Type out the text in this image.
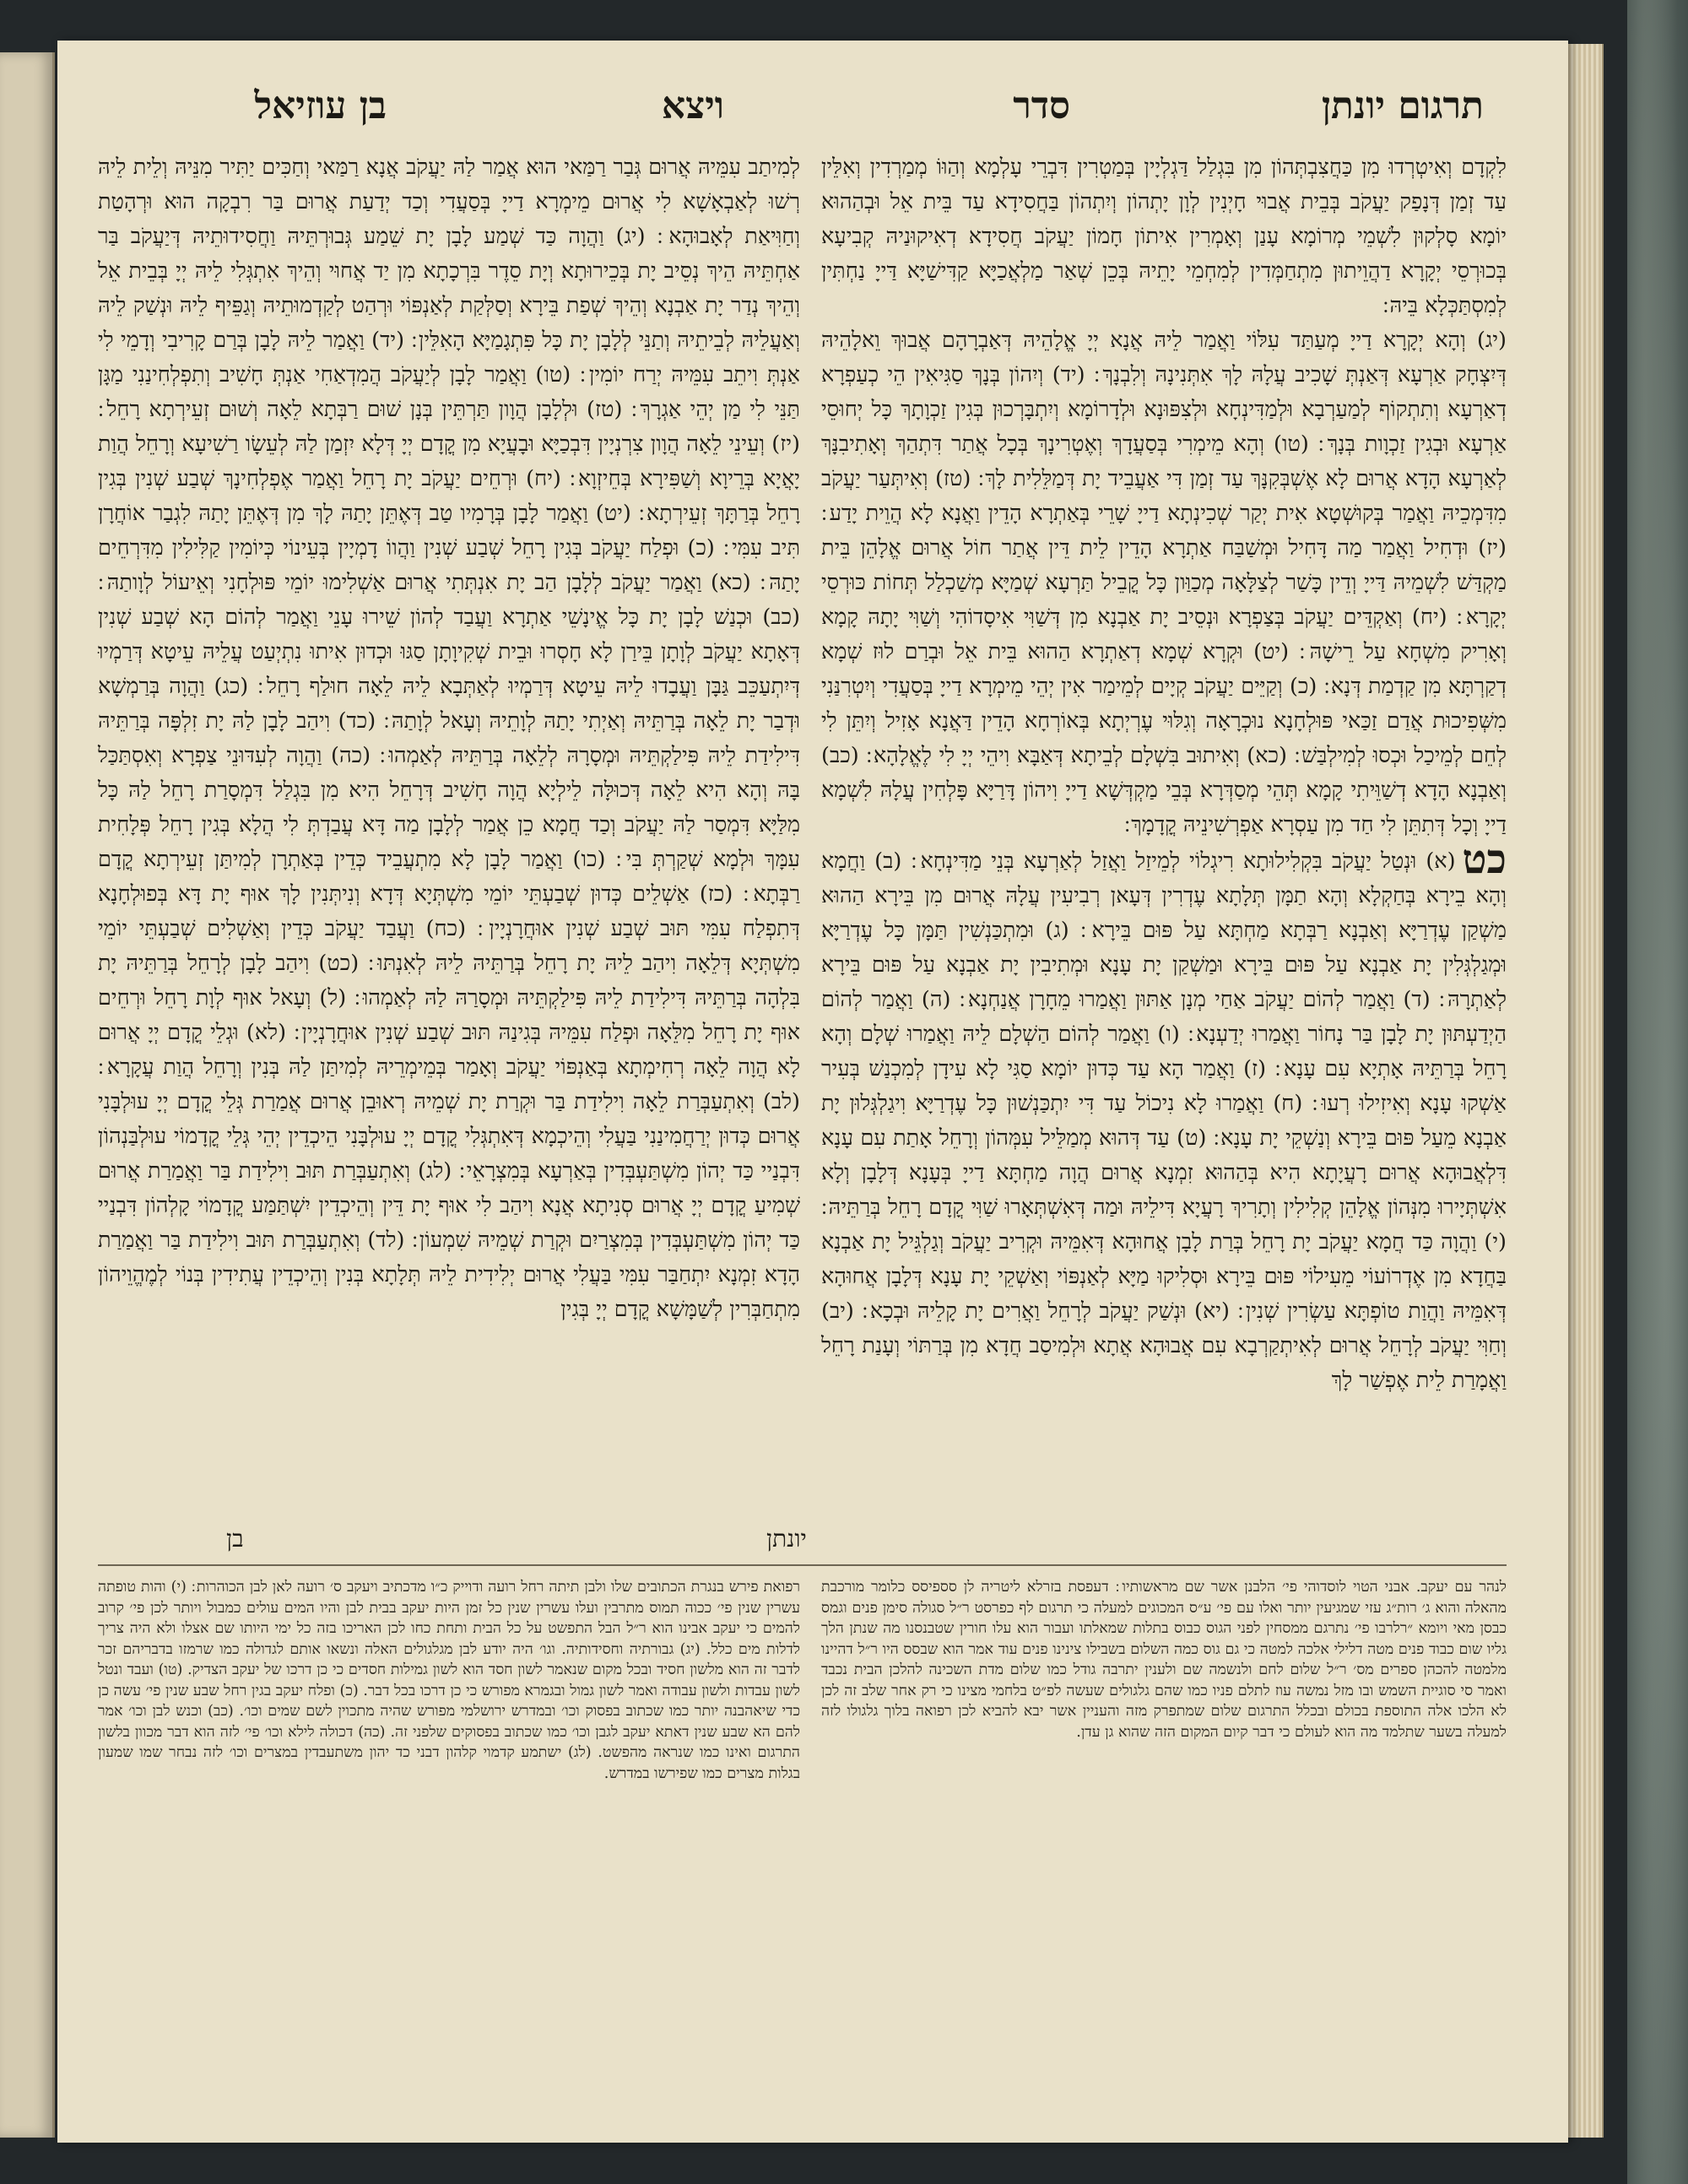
תרגום יונתן
סדר
ויצא
בן עוזיאל

לִקְדָם וְאִיטְרְדוּ מִן כַּחֲצִבְתְּהוֹן מִן בִּגְלַל דַּגְלְיָין בְּמַטְרִין דִּבְרֵי עָלְמָא וְהַוּוֹ מְמַרְדִין וְאִלֵּין עַד זְמַן דְּנָפַק יַעֲקֹב בְּבֵית אֲבוּי חָיְנִין לְוָן יָתְהוֹן וְיִתְהוֹן בַּחֲסִידָא עַד בֵּית אֵל וּבְהַהוּא יוֹמָא סָלְקוּן לִשְׁמֵי מְרוֹמָא עָנַן וְאָמְרִין אִיתוֹן חָמוֹן יַעֲקֹב חֲסִידָא דְאִיקוּנַיהּ קְבִיעָא בְּכוּרְסֵי יְקָרָא דַהֲוֵיתוּן מִתְחַמְּדִין לְמִחְמֵי יָתֵיהּ בְּכֵן שְׁאַר מַלְאֲכַיָּא קַדִּישַׁיָּא דַּייָ נַחְתִּין לְמִסְתַּכְּלָא בֵּיהּ ׃

(יג) וְהָא יְקָרָא דַייָ מְעַתַּד עִלּוֹי וַאֲמַר לֵיהּ אֲנָא יְיָ אֱלָהֵיהּ דְּאַבְרָהָם אֲבוּךְ וֵאלָהֵיהּ דְּיִצְחָק אַרְעָא דְּאַנְתְּ שָׁכִיב עֲלָהּ לָךְ אִתְּנִינָהּ וְלִבְנָךְ ׃ (יד) וְיִהוֹן בְּנָךְ סַגִּיאִין הֵי כְעַפְרָא דְאַרְעָא וְתִתְקוֹף לְמַעַרְבָא וּלְמַדִּינְחָא וּלְצִפּוּנָא וּלְדָרוֹמָא וְיִתְבָּרְכוּן בְּגִין זַכְוָתָךְ כָּל יְחוּסֵי אַרְעָא וּבְגִין זַכְוָות בְּנָךְ ׃ (טו) וְהָא מֵימְרִי בְּסַעֲדָךְ וְאֶטְרִינָךְ בְּכָל אֲתַר דִּתְהַךְ וְאָתִיבִנָּךְ לְאַרְעָא הָדָא אֲרוּם לָא אֶשְׁבְּקִנָּךְ עַד זְמַן דִּי אַעֲבֵיד יָת דְּמַלֵּלִית לָךְ ׃ (טז) וְאִיתְּעַר יַעֲקֹב מִדִּמְכֵיהּ וַאֲמַר בְּקוּשְׁטָא אִית יְקַר שְׁכִינְתָא דַייָ שָׁרֵי בְּאַתְרָא הָדֵין וַאֲנָא לָא הֲוֵית יָדַע ׃ (יז) וּדְחִיל וַאֲמַר מַה דָּחִיל וּמְשַׁבַּח אַתְרָא הָדֵין לֵית דֵּין אֲתַר חוֹל אֲרוּם אֱלָהֵן בֵּית מַקְדַּשׁ לִשְׁמֵיהּ דַּייָ וְדֵין כָּשַׁר לְצַלָּאָה מְכַוַּון כָּל קֳבֵיל תַּרְעָא שְׁמַיָּא מְשַׁכְלַל תְּחוֹת כּוּרְסֵי יְקָרָא ׃ (יח) וְאַקְדֵּים יַעֲקֹב בְּצַפְרָא וּנְסֵיב יָת אַבְנָא מִן דְּשַׁוִּי אִיסָדוֹהִי וְשַׁוִּי יָתָהּ קָמָא וְאָרִיק מִשְׁחָא עַל רֵישָׁהּ ׃ (יט) וּקְרָא שְׁמָא דְאַתְרָא הַהוּא בֵּית אֵל וּבְרַם לוּז שְׁמָא דְקַרְתָּא מִן קַדְמַת דְּנָא ׃ (כ) וְקַיֵּים יַעֲקֹב קְיָים לְמֵימַר אִין יְהֵי מֵימְרָא דַייָ בְּסַעֲדִי וְיִטְרִנַּנִי מִשְּׁפִיכוּת אֲדַם זַכַּאי פּוּלְחָנָא נוּכְרָאָה וְגִלּוּי עֶרְיְתָא בְּאוֹרְחָא הָדֵין דַּאֲנָא אָזִיל וְיִתֵּן לִי לְחֵם לְמֵיכַל וּכְסוּ לְמִילְבַּשׁ ׃ (כא) וְאִיתוּב בִּשְׁלָם לְבֵיתָא דְּאַבָּא וִיהֵי יְיָ לִי לֶאֱלָהָא ׃ (כב) וְאַבְנָא הָדָא דְשַׁוֵּיתִי קָמָא תְּהֵי מְסַדְּרָא בְּבֵי מַקְדְּשָׁא דַייָ וִיהוֹן דָּרַיָּא פָּלְחִין עֲלָהּ לִשְׁמָא דַייָ וְכָל דְּתִתֵּן לִי חַד מִן עַסְרָא אַפְרְשִׁינֵיהּ קֳדָמָךְ ׃

כט(א) וּנְטַל יַעֲקֹב בִּקְלִילוּתָא רִיגְלוֹי לְמֵיזַל וַאֲזַל לְאַרְעָא בְּנֵי מַדִּינְחָא ׃ (ב) וַחֲמָא וְהָא בֵירָא בְּחַקְלָא וְהָא תַמָּן תְּלָתָא עֶדְרִין דְּעָאן רְבִיעִין עֲלָהּ אֲרוּם מִן בֵּירָא הַהוּא מַשְׁקַן עֶדְרַיָּא וְאַבְנָא רַבְּתָא מַחְתָּא עַל פּוּם בֵּירָא ׃ (ג) וּמִתְכַּנְשִׁין תַּמָּן כָּל עֶדְרַיָּא וּמְגַלְגְּלִין יָת אַבְנָא עַל פּוּם בֵּירָא וּמַשְׁקַן יָת עָנָא וּמְתִיבִין יָת אַבְנָא עַל פּוּם בֵּירָא לְאַתְרָהּ ׃ (ד) וַאֲמַר לְהוֹם יַעֲקֹב אַחַי מְנָן אַתּוּן וַאֲמַרוּ מֵחָרָן אֲנַחְנָא ׃ (ה) וַאֲמַר לְהוֹם הַיְדַעְתּוּן יָת לָבָן בַּר נָחוֹר וַאֲמַרוּ יְדַעְנָא ׃ (ו) וַאֲמַר לְהוֹם הַשְׁלָם לֵיהּ וַאֲמַרוּ שְׁלָם וְהָא רָחֵל בְּרַתֵּיהּ אָתְיָא עִם עָנָא ׃ (ז) וַאֲמַר הָא עַד כְּדוּן יוֹמָא סַגִּי לָא עִידָן לְמִכְנַשׁ בְּעִיר אַשְׁקוּ עָנָא וְאִיזִילוּ רְעוּ ׃ (ח) וַאֲמַרוּ לָא נִיכוֹל עַד דִּי יִתְכַּנְשׁוּן כָּל עֶדְרַיָּא וִיגַלְגְּלוּן יָת אַבְנָא מֵעַל פּוּם בֵּירָא וְנַשְׁקֵי יָת עָנָא ׃ (ט) עַד דְּהוּא מְמַלֵּיל עִמְּהוֹן וְרָחֵל אָתַת עִם עָנָא דִּלְאֲבוּהָא אֲרוּם רָעֲיָתָא הִיא בְּהַהוּא זִמְנָא אֲרוּם הֲוָה מַחְתָּא דַייָ בְּעָנָא דְּלָבָן וְלָא אִשְׁתְּיָירוּ מִנְּהוֹן אֱלָהֵן קְלִילִין וְתָרִיךְ רָעֲיָא דִּילֵיהּ וּמַה דְּאִשְׁתְּאָרוּ שַׁוִּי קֳדָם רָחֵל בְּרַתֵּיהּ ׃ (י) וַהֲוָה כַּד חֲמָא יַעֲקֹב יָת רָחֵל בְּרַת לָבָן אֲחוּהָא דְּאִמֵּיהּ וּקְרִיב יַעֲקֹב וְגַלְגֵּיל יָת אַבְנָא בַּחֲדָא מִן אֶדְרוֹעוֹי מֵעִילוֹי פּוּם בֵּירָא וּסְלִיקוּ מַיָּא לְאַנְפּוֹי וְאַשְׁקֵי יָת עָנָא דְּלָבָן אֲחוּהָא דְּאִמֵּיהּ וַהֲוַת טוֹפְתָּא עַשְׂרִין שְׁנִין ׃ (יא) וּנְשַׁק יַעֲקֹב לְרָחֵל וַאֲרִים יָת קָלֵיהּ וּבְכָא ׃ (יב) וְחַוִּי יַעֲקֹב לְרָחֵל אֲרוּם לְאִיתְקַרְבָא עִם אֲבוּהָא אֲתָא וּלְמִיסַב חֲדָא מִן בְּרַתּוֹי וְעָנַת רָחֵל וַאֲמָרַת לֵית אֶפְשַׁר לָךְ

לְמִיתַב עִמֵּיהּ אֲרוּם גְּבַר רַמַּאי הוּא אֲמַר לַהּ יַעֲקֹב אֲנָא רַמַּאי וְחַכִּים יַתִּיר מִנֵּיהּ וְלֵית לֵיהּ רְשׁוּ לְאַבְאָשָׁא לִי אֲרוּם מֵימְרָא דַייָ בְּסַעֲדִי וְכַד יְדַעַת אֲרוּם בַּר רִבְקָה הוּא וּרְהָטַת וְחַוִּיאַת לְאָבוּהָא ׃ (יג) וַהֲוָה כַּד שְׁמַע לָבָן יָת שֵׁמַע גְּבוּרְתֵּיהּ וַחֲסִידוּתֵיהּ דְּיַעֲקֹב בַּר אַחְתֵּיהּ הֵיךְ נְסֵיב יָת בְּכֵירוּתָא וְיָת סֵדֶר בִּרְכָתָא מִן יַד אֲחוּי וְהֵיךְ אִתְגְּלִי לֵיהּ יְיָ בְּבֵית אֵל וְהֵיךְ נְדַר יָת אַבְנָא וְהֵיךְ שְׁפַת בֵּירָא וְסַלְּקַת לְאַנְפּוֹי וּרְהַט לְקַדְמוּתֵיהּ וְגַפֵּיף לֵיהּ וּנְשַׁק לֵיהּ וְאַעֲלֵיהּ לְבֵיתֵיהּ וְתַנֵּי לְלָבָן יָת כָּל פִּתְגָמַיָּא הָאִלֵּין ׃ (יד) וַאֲמַר לֵיהּ לָבָן בְּרַם קָרִיבִי וְדָמֵי לִי אַנְתְּ וִיתֵב עִמֵּיהּ יְרַח יוֹמִין ׃ (טו) וַאֲמַר לָבָן לְיַעֲקֹב הֲמִדְאַחִי אַנְתְּ חָשִׁיב וְתִפְלְחִינַנִי מַגָּן תַּנֵּי לִי מַן יְהֵי אַגְרָךְ ׃ (טז) וּלְלָבָן הֲוָון תַּרְתֵּין בְּנָן שׁוּם רַבְּתָא לֵאָה וְשׁוּם זְעֵירְתָא רָחֵל ׃ (יז) וְעֵינֵי לֵאָה הֲוָון צִרְנְיָין דִּבְכַיָּא וּבָעֲיָא מִן קֳדָם יְיָ דְּלָא יִזְמַן לַהּ לְעֵשָׂו רַשִׁיעָא וְרָחֵל הֲוַת יָאֲיָא בְּרֵיוָא וְשַׁפִּירָא בְּחֵיזְוָא ׃ (יח) וּרְחֵים יַעֲקֹב יָת רָחֵל וַאֲמַר אֶפְלְחִינָךְ שְׁבַע שְׁנִין בְּגִין רָחֵל בְּרַתָּךְ זְעֵירְתָא ׃ (יט) וַאֲמַר לָבָן בְּרָמִיו טַב דְּאֶתֵּן יָתַהּ לָךְ מִן דְּאֶתֵּן יָתַהּ לִגְבַר אוֹחֲרָן תִּיב עִמִּי ׃ (כ) וּפְלַח יַעֲקֹב בְּגִין רָחֵל שְׁבַע שְׁנִין וַהֲווֹ דָמְיָין בְּעֵינוֹי כְּיוֹמִין קַלִּילִין מִדִּרְחֵים יָתַהּ ׃ (כא) וַאֲמַר יַעֲקֹב לְלָבָן הַב יָת אִנְתְּתִי אֲרוּם אַשְׁלִימוּ יוֹמֵי פּוּלְחָנִי וְאֵיעוֹל לְוָותַהּ ׃ (כב) וּכְנַשׁ לָבָן יָת כָּל אֱינָשֵׁי אַתְרָא וַעֲבַד לְהוֹן שֵׁירוּ עָנֵי וַאֲמַר לְהוֹם הָא שְׁבַע שְׁנִין דְּאָתָא יַעֲקֹב לְוָתָן בֵּירַן לָא חָסְרוּ וּבֵית שְׁקִיוָתָן סַגּוּ וּכְדוּן אִיתוּ נִתְיְעַט עֲלֵיהּ עֵיטָא דְּרַמְיוּ דְּיִתְעַכֵּב גַּבָּן וַעֲבָדוּ לֵיהּ עֵיטָא דְּרַמְיוּ לְאַתְּבָא לֵיהּ לֵאָה חוּלַף רָחֵל ׃ (כג) וַהֲוָה בְּרַמְשָׁא וּדְבַר יָת לֵאָה בְּרַתֵּיהּ וְאַיְתִי יָתַהּ לְוָתֵיהּ וְעָאל לְוָתַהּ ׃ (כד) וִיהַב לָבָן לַהּ יָת זִלְפָּה בְּרַתֵּיהּ דִּילִידַת לֵיהּ פִּילַקְתֵּיהּ וּמְסָרָהּ לְלֵאָה בְּרַתֵּיהּ לְאַמְהוּ ׃ (כה) וַהֲוָה לְעִדּוּנֵי צַפְרָא וְאִסְתַּכַּל בָּהּ וְהָא הִיא לֵאָה דְּכוּלָּה לֵילְיָא הֲוָה חָשִׁיב דְּרָחֵל הִיא מִן בִּגְלַל דִּמְסָרַת רָחֵל לַהּ כָּל מִלַּיָּא דִּמְסַר לַהּ יַעֲקֹב וְכַד חֲמָא כֵן אֲמַר לְלָבָן מַה דָּא עֲבַדְתְּ לִי הֲלָא בְּגִין רָחֵל פְּלָחִית עִמָּךְ וּלְמָא שְׁקַרְתְּ בִּי ׃ (כו) וַאֲמַר לָבָן לָא מִתְעֲבֵיד כְּדֵין בְּאַתְרָן לְמִיתַּן זְעֵירְתָא קֳדָם רַבְּתָא ׃ (כז) אַשְׁלֵים כְּדוּן שְׁבַעְתֵּי יוֹמֵי מִשְׁתְּיָא דְּדָא וְנִיתְּנִין לָךְ אוּף יָת דָּא בְּפוּלְחָנָא דְּתִפְלַח עִמִּי תּוּב שְׁבַע שְׁנִין אוּחֲרָנְיָין ׃ (כח) וַעֲבַד יַעֲקֹב כְּדֵין וְאַשְׁלִים שְׁבַעְתֵּי יוֹמֵי מִשְׁתְּיָא דְּלֵאָה וִיהַב לֵיהּ יָת רָחֵל בְּרַתֵּיהּ לֵיהּ לְאִנְתּוּ ׃ (כט) וִיהַב לָבָן לְרָחֵל בְּרַתֵּיהּ יָת בִּלְהָה בְּרַתֵּיהּ דִּילִידַת לֵיהּ פִּילַקְתֵּיהּ וּמְסָרַהּ לַהּ לְאַמְהוּ ׃ (ל) וְעָאל אוּף לְוָת רָחֵל וּרְחֵים אוּף יָת רָחֵל מִלֵּאָה וּפְלַח עִמֵּיהּ בְּגִינַהּ תּוּב שְׁבַע שְׁנִין אוּחֲרָנְיָין ׃ (לא) וּגְלֵי קֳדָם יְיָ אֲרוּם לָא הֲוָה לֵאָה רְחִימְתָא בְּאַנְפּוֹי יַעֲקֹב וְאָמַר בְּמֵימְרֵיהּ לְמִיתַּן לַהּ בְּנִין וְרָחֵל הֲוַת עֲקָרָא ׃ (לב) וְאִתְעַבְּרַת לֵאָה וִילִידַת בַּר וּקְרַת יָת שְׁמֵיהּ רְאוּבֵן אֲרוּם אֲמַרַת גְּלֵי קֳדָם יְיָ עוּלְבָּנִי אֲרוּם כְּדוּן יְרַחֲמִינַנִי בַּעֲלִי וְהֵיכְמָא דְּאִתְגְּלִי קֳדָם יְיָ עוּלְבָּנִי הֵיכְדֵין יְהֵי גְּלֵי קֳדָמוֹי עוּלְבַּנְהוֹן דִּבְנַיי כַּד יְהוֹן מִשְׁתַּעְבְּדִין בְּאַרְעָא בְּמִצְרָאֵי ׃ (לג) וְאִתְעַבְּרַת תּוּב וִילִידַת בַּר וַאֲמַרַת אֲרוּם שְׁמִיעַ קֳדָם יְיָ אֲרוּם סְנִיתָא אֲנָא וִיהַב לִי אוּף יָת דֵּין וְהֵיכְדֵין יִשְׁתַּמַּע קֳדָמוֹי קָלְהוֹן דִּבְנַיי כַּד יְהוֹן מִשְׁתַּעְבְּדִין בְּמִצְרַיִם וּקְרַת שְׁמֵיהּ שִׁמְעוֹן ׃ (לד) וְאִתְעַבְּרַת תּוּב וִילִידַת בַּר וַאֲמַרַת הָדָא זִמְנָא יִתְחַבַּר עִמִּי בַּעֲלִי אֲרוּם יְלִידִית לֵיהּ תְּלָתָא בְּנִין וְהֵיכְדֵין עֲתִידִין בְּנוֹי לְמֶהֱוֵיהוֹן מִתְחַבְּרִין לְשַׁמָּשָׁא קֳדָם יְיָ בְּגִין

יונתן
בן
לנהר עם יעקב. אבני הטוי לוסדוהי פי׳ הלבנן אשר שם מראשותיו ׃ דעפסת בזרלא ליטריה לן סספיסס כלומר מורכבת מהאלה והוא ג׳ רות״ג עזי שמגיעין יותר ואלו עם פי׳ ע״ס המכוגים למעלה כי תרגום לף כפרסט ר״ל סגולה סימן פנים וגמס כבסן מאי ויומא ״רלרבו פי׳ נתרגם ממסחין לפני הגוס כבוס בתלות שמאלתו ועבור הוא עלו חורין שטבנסנו מה שנתן הלך גליו שום כבוד פנים מטה דלילי אלכה למטה כי גם גוס כמה השלום בשבילו צינינו פנים עוד אמר הוא שבסס היו ר״ל דהיינו מלמטה להכהן ספרים מס׳ ר״ל שלום לחם ולנשמה שם ולענין יתרבה גודל כמו שלום מדת השכינה להלכן הבית נכבד ואמר סי סוגיית השמש ובו מזל נמשה עוז לתלם פניו כמו שהם גלגולים שעשה לפ״ט בלחמי מצינו כי רק אחר שלב זה לכן לא הלכו אלה התוספת בכולם ובכלל התרגום שלום שמתפרק מזה והעניין אשר יבא להביא לכן רפואה בלוך גלגולו לזה למעלה בשער שתלמד מה הוא לעולם כי דבר קיום המקום הזה שהוא גן עדן.
רפואת פירש בנגרת הכתובים שלו ולבן תיתה רחל רועה ודוייק כ״ו מדכתיב ויעקב ס׳ רועה לאן לבן הכוהרות ׃ (י) והות טופתה עשרין שנין פי׳ ככוה תמוס מתרבין ועלו עשרין שנין כל זמן היות יעקב בבית לבן והיו המים עולים כמבול ויותר לכן פי׳ קרוב להמים כי יעקב אבינו הוא ר״ל הבל התפשט על כל הבית ותחת כחו לכן האריכו בזה כל ימי היותו שם אצלו ולא היה צריך לדלות מים כלל. (יג) גבורתיה וחסידותיה. וגו׳ היה יודע לבן מגלגולים האלה ונשאו אותם לגדולה כמו שרמזו בדבריהם זכר לדבר זה הוא מלשון חסיד ובכל מקום שנאמר לשון חסד הוא לשון גמילות חסדים כי כן דרכו של יעקב הצדיק. (טו) ועבד ונטל לשון עבדות ולשון עבודה ואמר לשון גמול ובגמרא מפורש כי כן דרכו בכל דבר. (כ) ופלח יעקב בגין רחל שבע שנין פי׳ עשה כן כדי שיאהבנה יותר כמו שכתוב בפסוק וכו׳ ובמדרש ירושלמי מפורש שהיה מתכוין לשם שמים וכו׳. (כב) וכנש לבן וכו׳ אמר להם הא שבע שנין דאתא יעקב לגבן וכו׳ כמו שכתוב בפסוקים שלפני זה. (כה) דכולה לילא וכו׳ פי׳ לזה הוא דבר מכוון בלשון התרגום ואינו כמו שנראה מהפשט. (לג) ישתמע קדמוי קלהון דבני כד יהון משתעבדין במצרים וכו׳ לזה נבחר שמו שמעון בגלות מצרים כמו שפירשו במדרש.
